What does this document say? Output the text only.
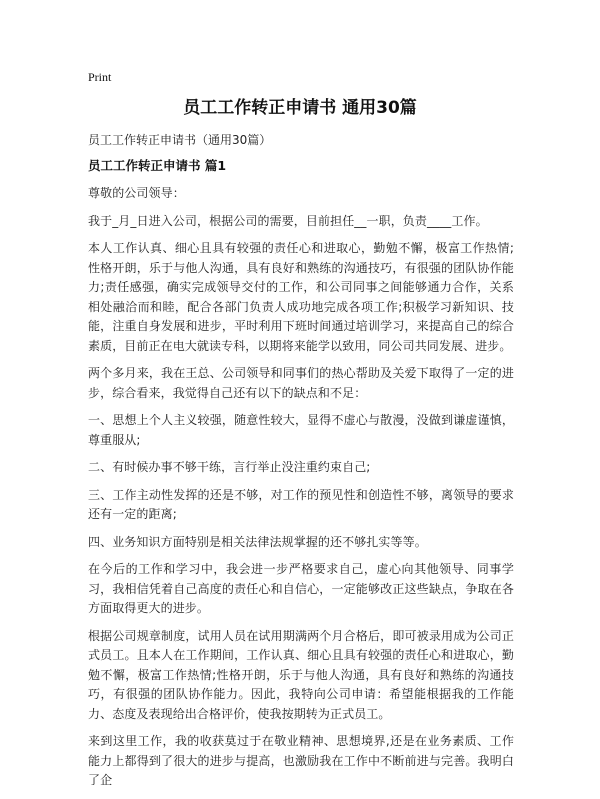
Print
员工工作转正申请书 通用30篇

员工工作转正申请书（通用30篇）

员工工作转正申请书 篇1

尊敬的公司领导：

我于_月_日进入公司，根据公司的需要，目前担任__一职，负责____工作。

本人工作认真、细心且具有较强的责任心和进取心，勤勉不懈，极富工作热情;性格开朗，乐于与他人沟通，具有良好和熟练的沟通技巧，有很强的团队协作能力;责任感强，确实完成领导交付的工作，和公司同事之间能够通力合作，关系相处融洽而和睦，配合各部门负责人成功地完成各项工作;积极学习新知识、技能，注重自身发展和进步，平时利用下班时间通过培训学习，来提高自己的综合素质，目前正在电大就读专科，以期将来能学以致用，同公司共同发展、进步。

两个多月来，我在王总、公司领导和同事们的热心帮助及关爱下取得了一定的进步，综合看来，我觉得自己还有以下的缺点和不足：

一、思想上个人主义较强，随意性较大，显得不虚心与散漫，没做到谦虚谨慎，尊重服从;

二、有时候办事不够干练，言行举止没注重约束自己;

三、工作主动性发挥的还是不够，对工作的预见性和创造性不够，离领导的要求还有一定的距离;

四、业务知识方面特别是相关法律法规掌握的还不够扎实等等。

在今后的工作和学习中，我会进一步严格要求自己，虚心向其他领导、同事学习，我相信凭着自己高度的责任心和自信心，一定能够改正这些缺点，争取在各方面取得更大的进步。

根据公司规章制度，试用人员在试用期满两个月合格后，即可被录用成为公司正式员工。且本人在工作期间，工作认真、细心且具有较强的责任心和进取心，勤勉不懈，极富工作热情;性格开朗，乐于与他人沟通，具有良好和熟练的沟通技巧，有很强的团队协作能力。因此，我特向公司申请：希望能根据我的工作能力、态度及表现给出合格评价，使我按期转为正式员工。

来到这里工作，我的收获莫过于在敬业精神、思想境界,还是在业务素质、工作能力上都得到了很大的进步与提高，也激励我在工作中不断前进与完善。我明白了企
